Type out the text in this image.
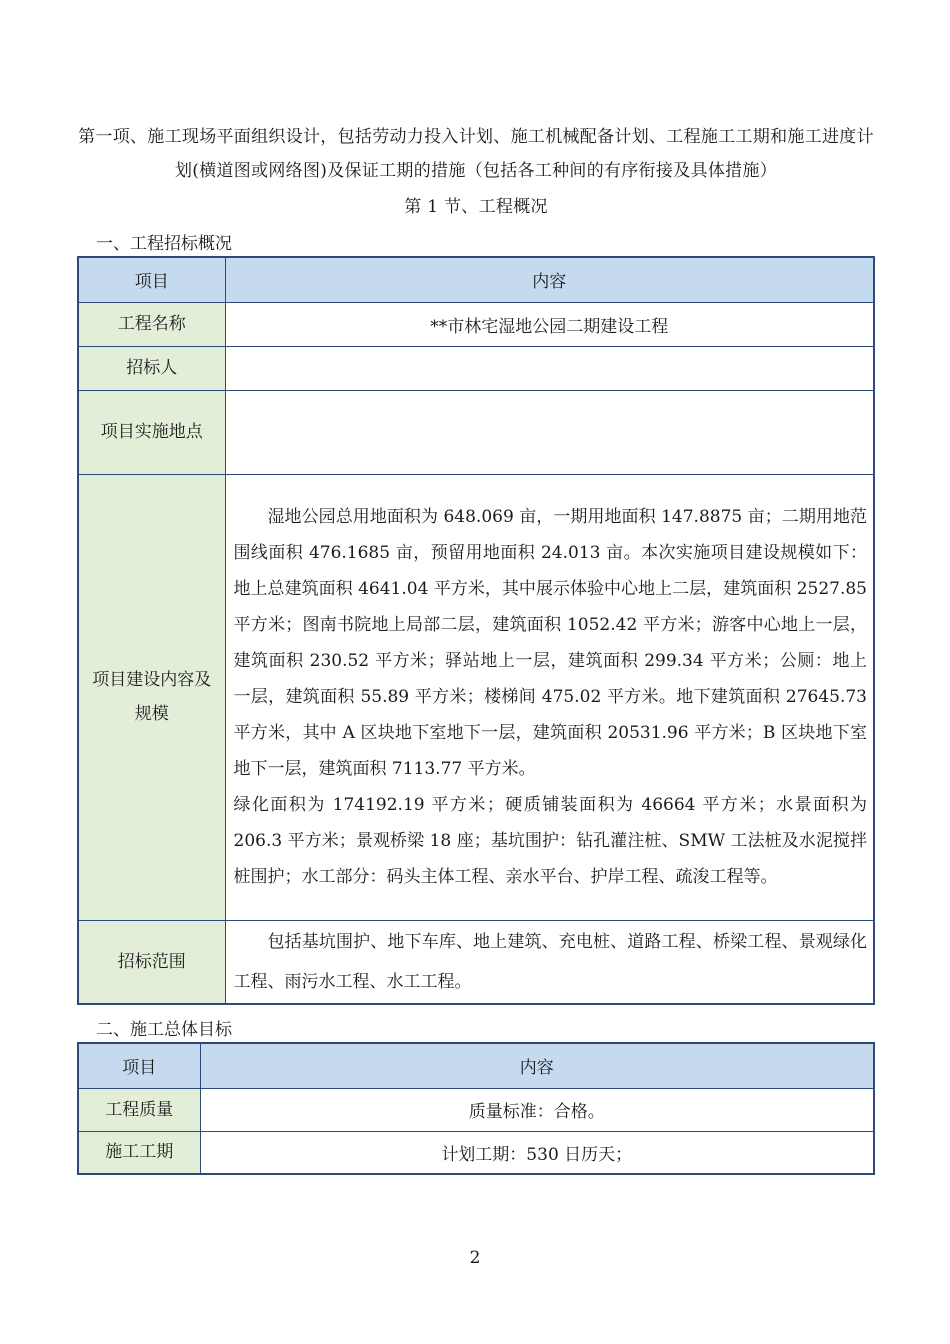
第一项、施工现场平面组织设计，包括劳动力投入计划、施工机械配备计划、工程施工工期和施工进度计划(横道图或网络图)及保证工期的措施（包括各工种间的有序衔接及具体措施）
第 1 节、工程概况
一、工程招标概况
项目	内容
工程名称	**市林宅湿地公园二期建设工程
招标人	
项目实施地点	
项目建设内容及规模	湿地公园总用地面积为 648.069 亩，一期用地面积 147.8875 亩；二期用地范围线面积 476.1685 亩，预留用地面积 24.013 亩。本次实施项目建设规模如下：地上总建筑面积 4641.04 平方米，其中展示体验中心地上二层，建筑面积 2527.85 平方米；图南书院地上局部二层，建筑面积 1052.42 平方米；游客中心地上一层，建筑面积 230.52 平方米；驿站地上一层，建筑面积 299.34 平方米；公厕：地上一层，建筑面积 55.89 平方米；楼梯间 475.02 平方米。地下建筑面积 27645.73 平方米，其中 A 区块地下室地下一层，建筑面积 20531.96 平方米；B 区块地下室地下一层，建筑面积 7113.77 平方米。
绿化面积为 174192.19 平方米；硬质铺装面积为 46664 平方米；水景面积为 206.3 平方米；景观桥梁 18 座；基坑围护：钻孔灌注桩、SMW 工法桩及水泥搅拌桩围护；水工部分：码头主体工程、亲水平台、护岸工程、疏浚工程等。

招标范围	包括基坑围护、地下车库、地上建筑、充电桩、道路工程、桥梁工程、景观绿化工程、雨污水工程、水工工程。
二、施工总体目标
项目	内容
工程质量	质量标准：合格。
施工工期	计划工期：530 日历天；
2
